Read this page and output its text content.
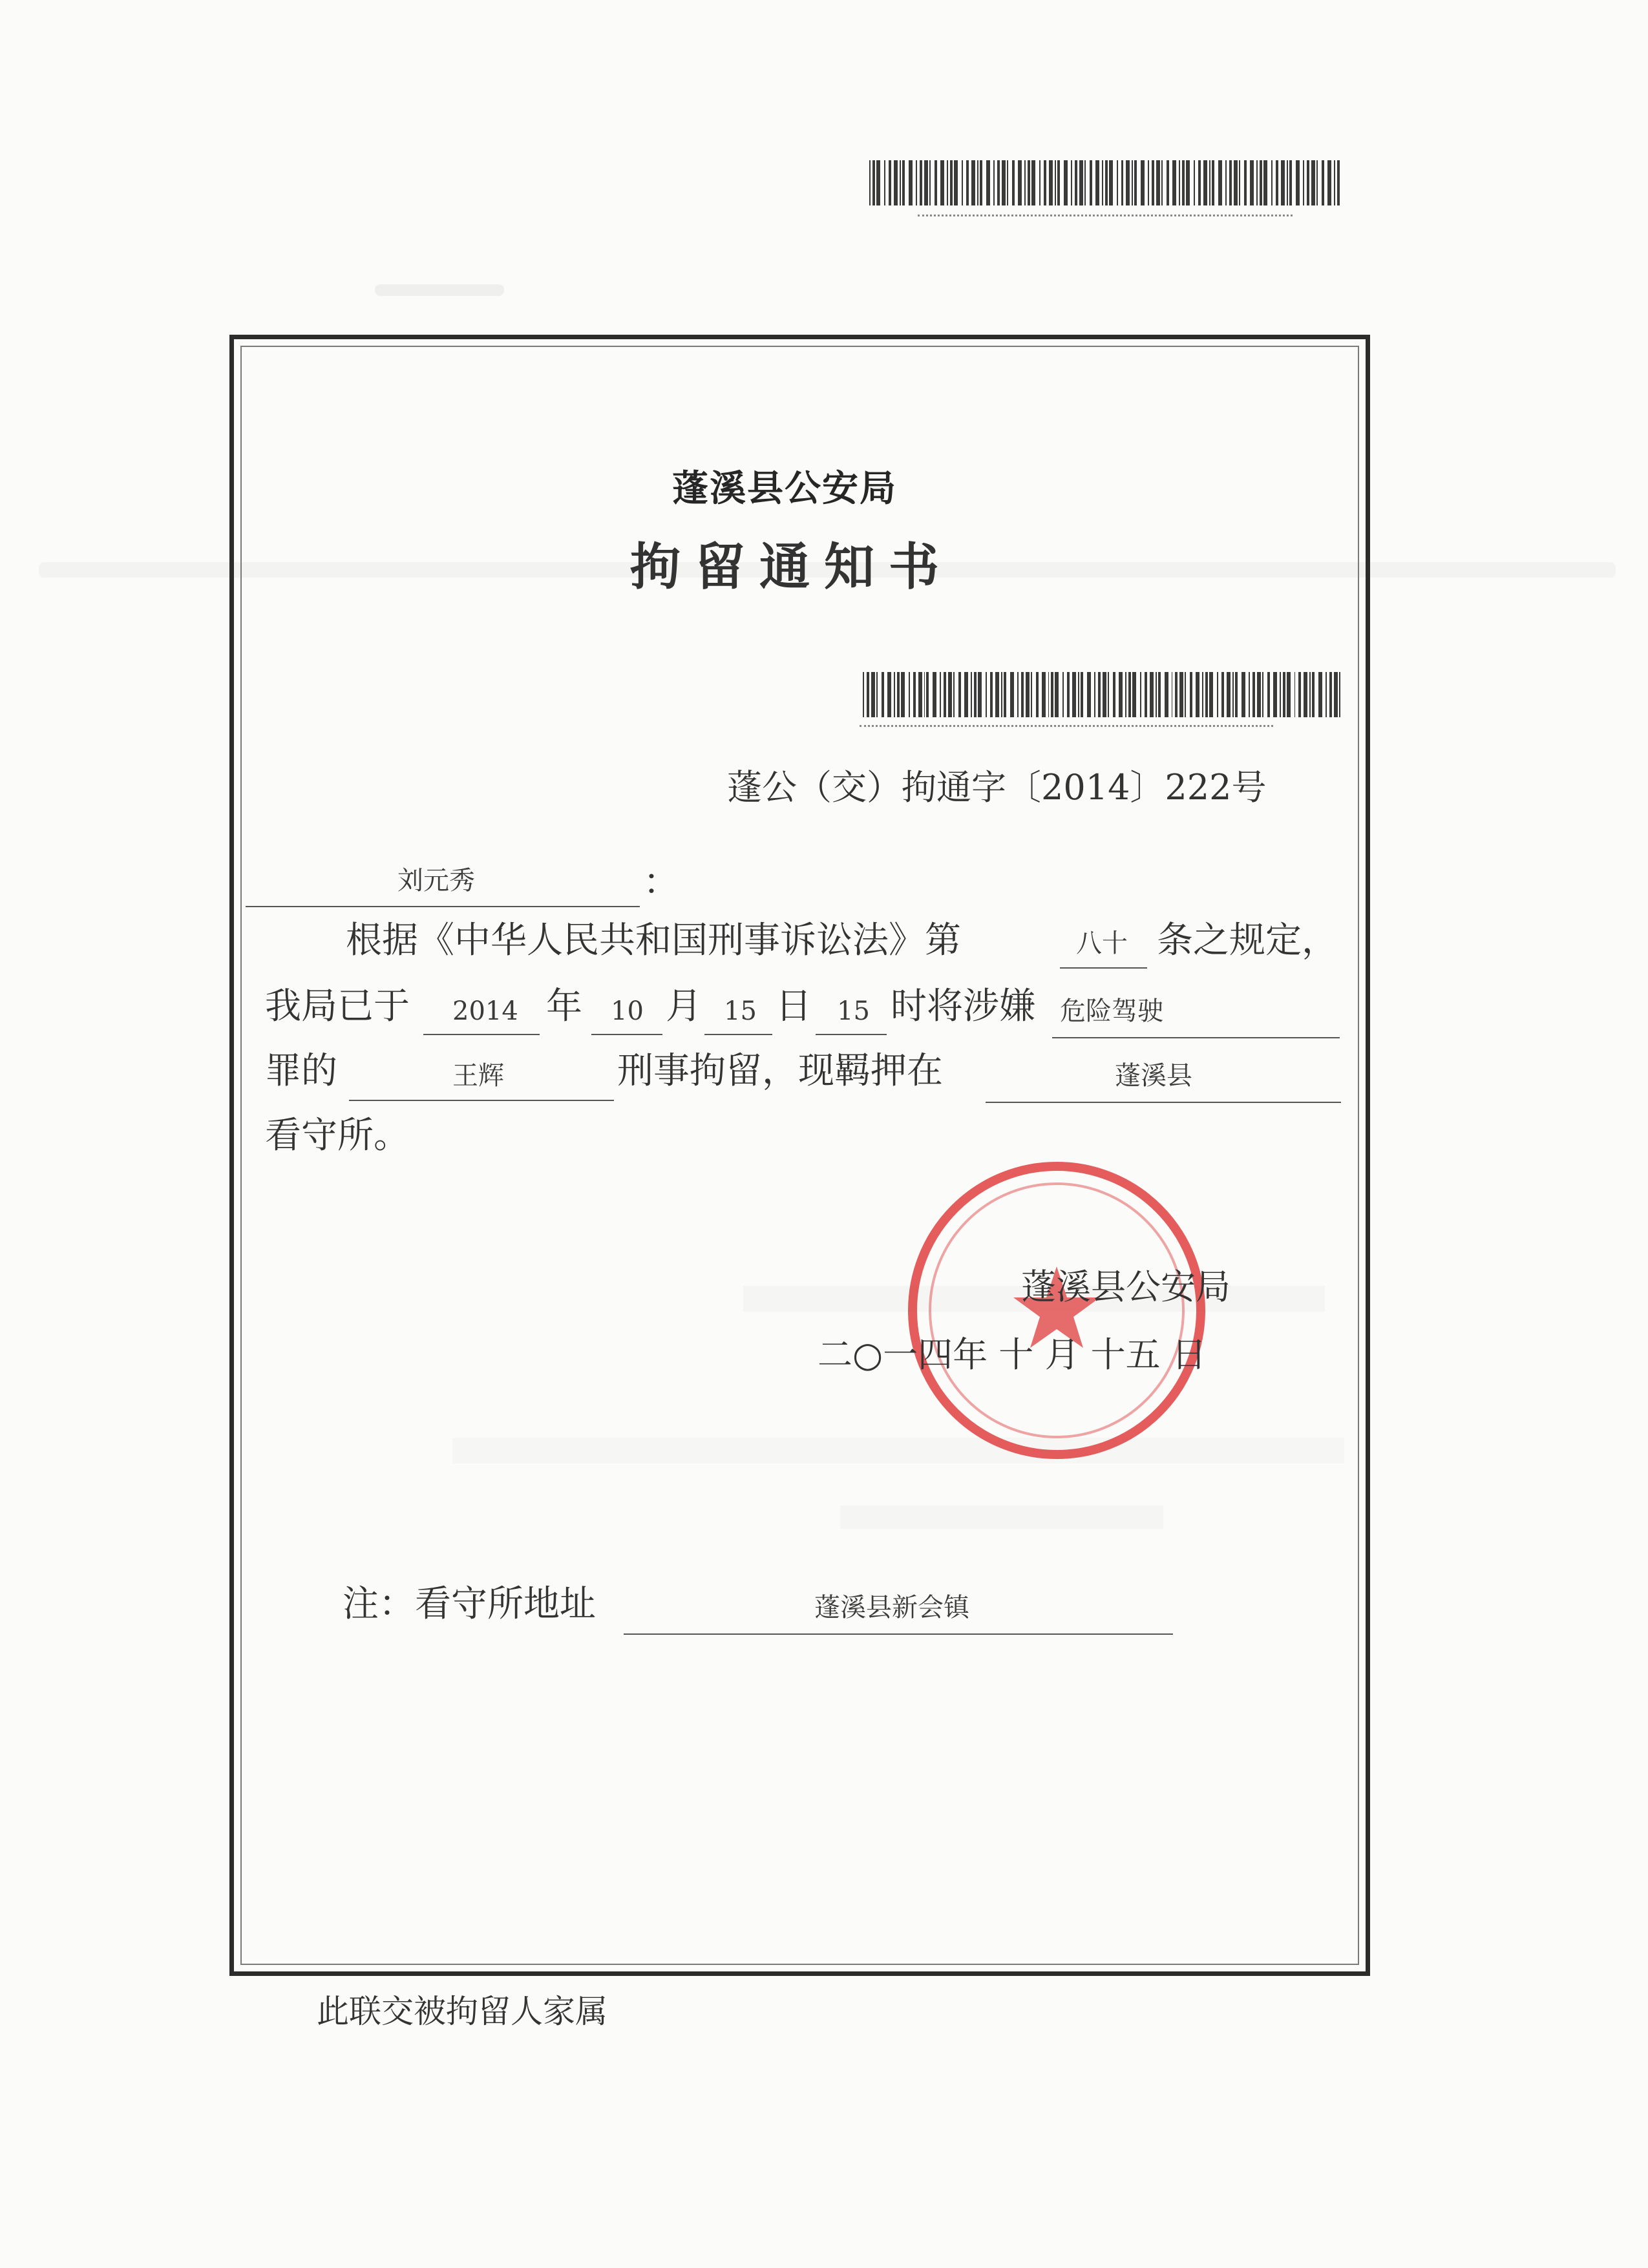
蓬溪县公安局
拘留通知书
蓬公（交）拘通字〔2014〕222号
刘元秀	：
根据《中华人民共和国刑事诉讼法》第	八十 条之规定，
我局已于 2014 年 10 月 15 日 15 时将涉嫌 危险驾驶
罪的	王辉	刑事拘留，现羁押在	蓬溪县
看守所。
蓬溪县公安局
二○一四年 十 月 十五 日
注：看守所地址	蓬溪县新会镇
此联交被拘留人家属
